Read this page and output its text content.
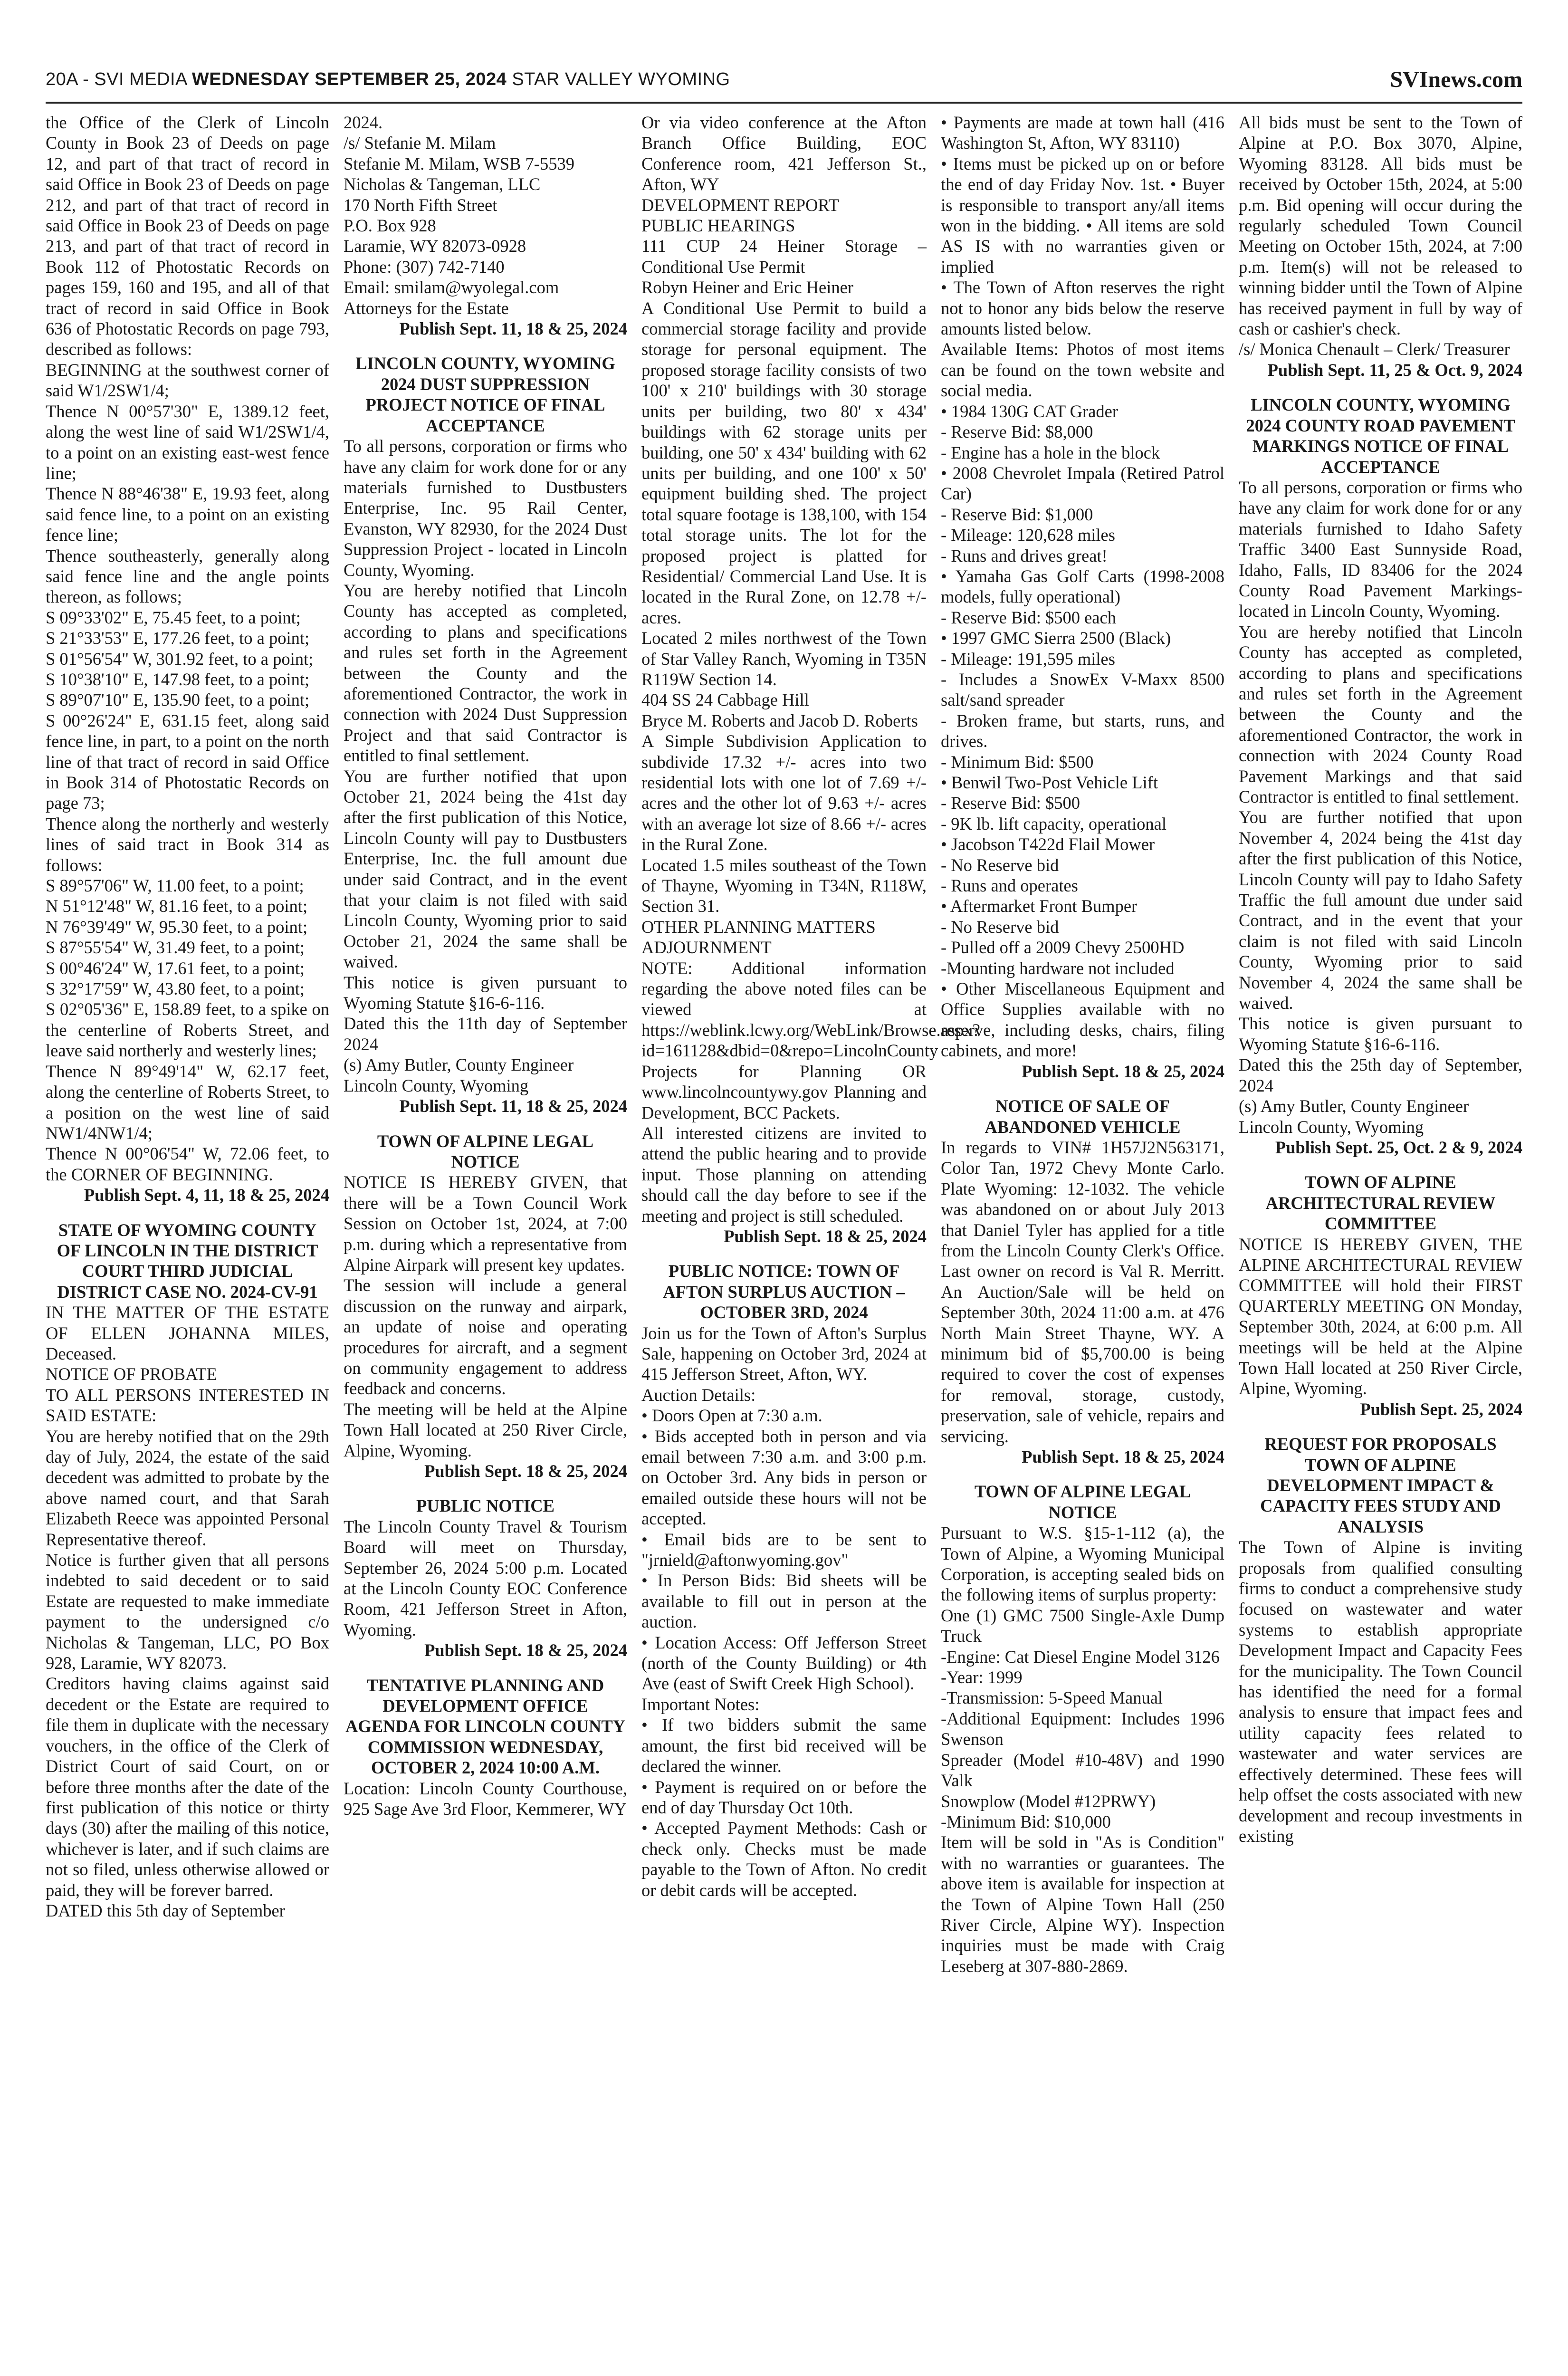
20A - SVI MEDIA WEDNESDAY SEPTEMBER 25, 2024 STAR VALLEY WYOMING	SVInews.com

the Office of the Clerk of Lincoln County in Book 23 of Deeds on page 12, and part of that tract of record in said Office in Book 23 of Deeds on page 212, and part of that tract of record in said Office in Book 23 of Deeds on page 213, and part of that tract of record in Book 112 of Photostatic Records on pages 159, 160 and 195, and all of that tract of record in said Office in Book 636 of Photostatic Records on page 793, described as follows:

BEGINNING at the southwest corner of said W1/2SW1/4;

Thence N 00°57'30" E, 1389.12 feet, along the west line of said W1/2SW1/4, to a point on an existing east-west fence line;

Thence N 88°46'38" E, 19.93 feet, along said fence line, to a point on an existing fence line;

Thence southeasterly, generally along said fence line and the angle points thereon, as follows;

S 09°33'02" E, 75.45 feet, to a point;

S 21°33'53" E, 177.26 feet, to a point;

S 01°56'54" W, 301.92 feet, to a point;

S 10°38'10" E, 147.98 feet, to a point;

S 89°07'10" E, 135.90 feet, to a point;

S 00°26'24" E, 631.15 feet, along said fence line, in part, to a point on the north line of that tract of record in said Office in Book 314 of Photostatic Records on page 73;

Thence along the northerly and westerly lines of said tract in Book 314 as follows:

S 89°57'06" W, 11.00 feet, to a point;

N 51°12'48" W, 81.16 feet, to a point;

N 76°39'49" W, 95.30 feet, to a point;

S 87°55'54" W, 31.49 feet, to a point;

S 00°46'24" W, 17.61 feet, to a point;

S 32°17'59" W, 43.80 feet, to a point;

S 02°05'36" E, 158.89 feet, to a spike on the centerline of Roberts Street, and leave said northerly and westerly lines;

Thence N 89°49'14" W, 62.17 feet, along the centerline of Roberts Street, to a position on the west line of said NW1/4NW1/4;

Thence N 00°06'54" W, 72.06 feet, to the CORNER OF BEGINNING.

Publish Sept. 4, 11, 18 & 25, 2024

STATE OF WYOMING COUNTY OF LINCOLN IN THE DISTRICT COURT THIRD JUDICIAL DISTRICT CASE NO. 2024-CV-91

IN THE MATTER OF THE ESTATE OF ELLEN JOHANNA MILES, Deceased.

NOTICE OF PROBATE

TO ALL PERSONS INTERESTED IN SAID ESTATE:

You are hereby notified that on the 29th day of July, 2024, the estate of the said decedent was admitted to probate by the above named court, and that Sarah Elizabeth Reece was appointed Personal Representative thereof.

Notice is further given that all persons indebted to said decedent or to said Estate are requested to make immediate payment to the undersigned c/o Nicholas & Tangeman, LLC, PO Box 928, Laramie, WY 82073.

Creditors having claims against said decedent or the Estate are required to file them in duplicate with the necessary vouchers, in the office of the Clerk of District Court of said Court, on or before three months after the date of the first publication of this notice or thirty days (30) after the mailing of this notice, whichever is later, and if such claims are not so filed, unless otherwise allowed or paid, they will be forever barred.

DATED this 5th day of September

2024.

/s/ Stefanie M. Milam

Stefanie M. Milam, WSB 7-5539

Nicholas & Tangeman, LLC

170 North Fifth Street

P.O. Box 928

Laramie, WY 82073-0928

Phone: (307) 742-7140

Email: smilam@wyolegal.com

Attorneys for the Estate

Publish Sept. 11, 18 & 25, 2024

LINCOLN COUNTY, WYOMING 2024 DUST SUPPRESSION PROJECT NOTICE OF FINAL ACCEPTANCE

To all persons, corporation or firms who have any claim for work done for or any materials furnished to Dustbusters Enterprise, Inc. 95 Rail Center, Evanston, WY 82930, for the 2024 Dust Suppression Project - located in Lincoln County, Wyoming.

You are hereby notified that Lincoln County has accepted as completed, according to plans and specifications and rules set forth in the Agreement between the County and the aforementioned Contractor, the work in connection with 2024 Dust Suppression Project and that said Contractor is entitled to final settlement.

You are further notified that upon October 21, 2024 being the 41st day after the first publication of this Notice, Lincoln County will pay to Dustbusters Enterprise, Inc. the full amount due under said Contract, and in the event that your claim is not filed with said Lincoln County, Wyoming prior to said October 21, 2024 the same shall be waived.

This notice is given pursuant to Wyoming Statute §16-6-116.

Dated this the 11th day of September 2024

(s) Amy Butler, County Engineer

Lincoln County, Wyoming

Publish Sept. 11, 18 & 25, 2024

TOWN OF ALPINE LEGAL NOTICE

NOTICE IS HEREBY GIVEN, that there will be a Town Council Work Session on October 1st, 2024, at 7:00 p.m. during which a representative from Alpine Airpark will present key updates.

The session will include a general discussion on the runway and airpark, an update of noise and operating procedures for aircraft, and a segment on community engagement to address feedback and concerns.

The meeting will be held at the Alpine Town Hall located at 250 River Circle, Alpine, Wyoming.

Publish Sept. 18 & 25, 2024

PUBLIC NOTICE

The Lincoln County Travel & Tourism Board will meet on Thursday, September 26, 2024 5:00 p.m. Located at the Lincoln County EOC Conference Room, 421 Jefferson Street in Afton, Wyoming.

Publish Sept. 18 & 25, 2024

TENTATIVE PLANNING AND DEVELOPMENT OFFICE AGENDA FOR LINCOLN COUNTY COMMISSION WEDNESDAY, OCTOBER 2, 2024 10:00 A.M.

Location: Lincoln County Courthouse, 925 Sage Ave 3rd Floor, Kemmerer, WY

Or via video conference at the Afton Branch Office Building, EOC Conference room, 421 Jefferson St., Afton, WY

DEVELOPMENT REPORT

PUBLIC HEARINGS

111 CUP 24 Heiner Storage – Conditional Use Permit

Robyn Heiner and Eric Heiner

A Conditional Use Permit to build a commercial storage facility and provide storage for personal equipment. The proposed storage facility consists of two 100' x 210' buildings with 30 storage units per building, two 80' x 434' buildings with 62 storage units per building, one 50' x 434' building with 62 units per building, and one 100' x 50' equipment building shed. The project total square footage is 138,100, with 154 total storage units. The lot for the proposed project is platted for Residential/ Commercial Land Use. It is located in the Rural Zone, on 12.78 +/- acres.

Located 2 miles northwest of the Town of Star Valley Ranch, Wyoming in T35N R119W Section 14.

404 SS 24 Cabbage Hill

Bryce M. Roberts and Jacob D. Roberts

A Simple Subdivision Application to subdivide 17.32 +/- acres into two residential lots with one lot of 7.69 +/- acres and the other lot of 9.63 +/- acres with an average lot size of 8.66 +/- acres in the Rural Zone.

Located 1.5 miles southeast of the Town of Thayne, Wyoming in T34N, R118W, Section 31.

OTHER PLANNING MATTERS

ADJOURNMENT

NOTE: Additional information regarding the above noted files can be viewed at https://weblink.lcwy.org/WebLink/Browse.aspx?id=161128&dbid=0&repo=LincolnCounty

Projects for Planning OR www.lincolncountywy.gov Planning and Development, BCC Packets.

All interested citizens are invited to attend the public hearing and to provide input. Those planning on attending should call the day before to see if the meeting and project is still scheduled.

Publish Sept. 18 & 25, 2024

PUBLIC NOTICE: TOWN OF AFTON SURPLUS AUCTION – OCTOBER 3RD, 2024

Join us for the Town of Afton's Surplus Sale, happening on October 3rd, 2024 at 415 Jefferson Street, Afton, WY.

Auction Details:

• Doors Open at 7:30 a.m.

• Bids accepted both in person and via email between 7:30 a.m. and 3:00 p.m. on October 3rd. Any bids in person or emailed outside these hours will not be accepted.

• Email bids are to be sent to "jrnield@aftonwyoming.gov"

• In Person Bids: Bid sheets will be available to fill out in person at the auction.

• Location Access: Off Jefferson Street (north of the County Building) or 4th Ave (east of Swift Creek High School).

Important Notes:

• If two bidders submit the same amount, the first bid received will be declared the winner.

• Payment is required on or before the end of day Thursday Oct 10th.

• Accepted Payment Methods: Cash or check only. Checks must be made payable to the Town of Afton. No credit or debit cards will be accepted.

• Payments are made at town hall (416 Washington St, Afton, WY 83110)

• Items must be picked up on or before the end of day Friday Nov. 1st. • Buyer is responsible to transport any/all items won in the bidding. • All items are sold AS IS with no warranties given or implied

• The Town of Afton reserves the right not to honor any bids below the reserve amounts listed below.

Available Items: Photos of most items can be found on the town website and social media.

• 1984 130G CAT Grader

- Reserve Bid: $8,000

- Engine has a hole in the block

• 2008 Chevrolet Impala (Retired Patrol Car)

- Reserve Bid: $1,000

- Mileage: 120,628 miles

- Runs and drives great!

• Yamaha Gas Golf Carts (1998-2008 models, fully operational)

- Reserve Bid: $500 each

• 1997 GMC Sierra 2500 (Black)

- Mileage: 191,595 miles

- Includes a SnowEx V-Maxx 8500 salt/sand spreader

- Broken frame, but starts, runs, and drives.

- Minimum Bid: $500

• Benwil Two-Post Vehicle Lift

- Reserve Bid: $500

- 9K lb. lift capacity, operational

• Jacobson T422d Flail Mower

- No Reserve bid

- Runs and operates

• Aftermarket Front Bumper

- No Reserve bid

- Pulled off a 2009 Chevy 2500HD

-Mounting hardware not included

• Other Miscellaneous Equipment and Office Supplies available with no reserve, including desks, chairs, filing cabinets, and more!

Publish Sept. 18 & 25, 2024

NOTICE OF SALE OF ABANDONED VEHICLE

In regards to VIN# 1H57J2N563171, Color Tan, 1972 Chevy Monte Carlo. Plate Wyoming: 12-1032. The vehicle was abandoned on or about July 2013 that Daniel Tyler has applied for a title from the Lincoln County Clerk's Office. Last owner on record is Val R. Merritt. An Auction/Sale will be held on September 30th, 2024 11:00 a.m. at 476 North Main Street Thayne, WY. A minimum bid of $5,700.00 is being required to cover the cost of expenses for removal, storage, custody, preservation, sale of vehicle, repairs and servicing.

Publish Sept. 18 & 25, 2024

TOWN OF ALPINE LEGAL NOTICE

Pursuant to W.S. §15-1-112 (a), the Town of Alpine, a Wyoming Municipal Corporation, is accepting sealed bids on the following items of surplus property:

One (1) GMC 7500 Single-Axle Dump Truck

-Engine: Cat Diesel Engine Model 3126

-Year: 1999

-Transmission: 5-Speed Manual

-Additional Equipment: Includes 1996 Swenson

Spreader (Model #10-48V) and 1990 Valk

Snowplow (Model #12PRWY)

-Minimum Bid: $10,000

Item will be sold in "As is Condition" with no warranties or guarantees. The above item is available for inspection at the Town of Alpine Town Hall (250 River Circle, Alpine WY). Inspection inquiries must be made with Craig Leseberg at 307-880-2869.

All bids must be sent to the Town of Alpine at P.O. Box 3070, Alpine, Wyoming 83128. All bids must be received by October 15th, 2024, at 5:00 p.m. Bid opening will occur during the regularly scheduled Town Council Meeting on October 15th, 2024, at 7:00 p.m. Item(s) will not be released to winning bidder until the Town of Alpine has received payment in full by way of cash or cashier's check.

/s/ Monica Chenault – Clerk/ Treasurer

Publish Sept. 11, 25 & Oct. 9, 2024

LINCOLN COUNTY, WYOMING 2024 COUNTY ROAD PAVEMENT MARKINGS NOTICE OF FINAL ACCEPTANCE

To all persons, corporation or firms who have any claim for work done for or any materials furnished to Idaho Safety Traffic 3400 East Sunnyside Road, Idaho, Falls, ID 83406 for the 2024 County Road Pavement Markings- located in Lincoln County, Wyoming.

You are hereby notified that Lincoln County has accepted as completed, according to plans and specifications and rules set forth in the Agreement between the County and the aforementioned Contractor, the work in connection with 2024 County Road Pavement Markings and that said Contractor is entitled to final settlement.

You are further notified that upon November 4, 2024 being the 41st day after the first publication of this Notice, Lincoln County will pay to Idaho Safety Traffic the full amount due under said Contract, and in the event that your claim is not filed with said Lincoln County, Wyoming prior to said November 4, 2024 the same shall be waived.

This notice is given pursuant to Wyoming Statute §16-6-116.

Dated this the 25th day of September, 2024

(s) Amy Butler, County Engineer

Lincoln County, Wyoming

Publish Sept. 25, Oct. 2 & 9, 2024

TOWN OF ALPINE ARCHITECTURAL REVIEW COMMITTEE

NOTICE IS HEREBY GIVEN, THE ALPINE ARCHITECTURAL REVIEW COMMITTEE will hold their FIRST QUARTERLY MEETING ON Monday, September 30th, 2024, at 6:00 p.m. All meetings will be held at the Alpine Town Hall located at 250 River Circle, Alpine, Wyoming.

Publish Sept. 25, 2024

REQUEST FOR PROPOSALS TOWN OF ALPINE DEVELOPMENT IMPACT & CAPACITY FEES STUDY AND ANALYSIS

The Town of Alpine is inviting proposals from qualified consulting firms to conduct a comprehensive study focused on wastewater and water systems to establish appropriate Development Impact and Capacity Fees for the municipality. The Town Council has identified the need for a formal analysis to ensure that impact fees and utility capacity fees related to wastewater and water services are effectively determined. These fees will help offset the costs associated with new development and recoup investments in existing
